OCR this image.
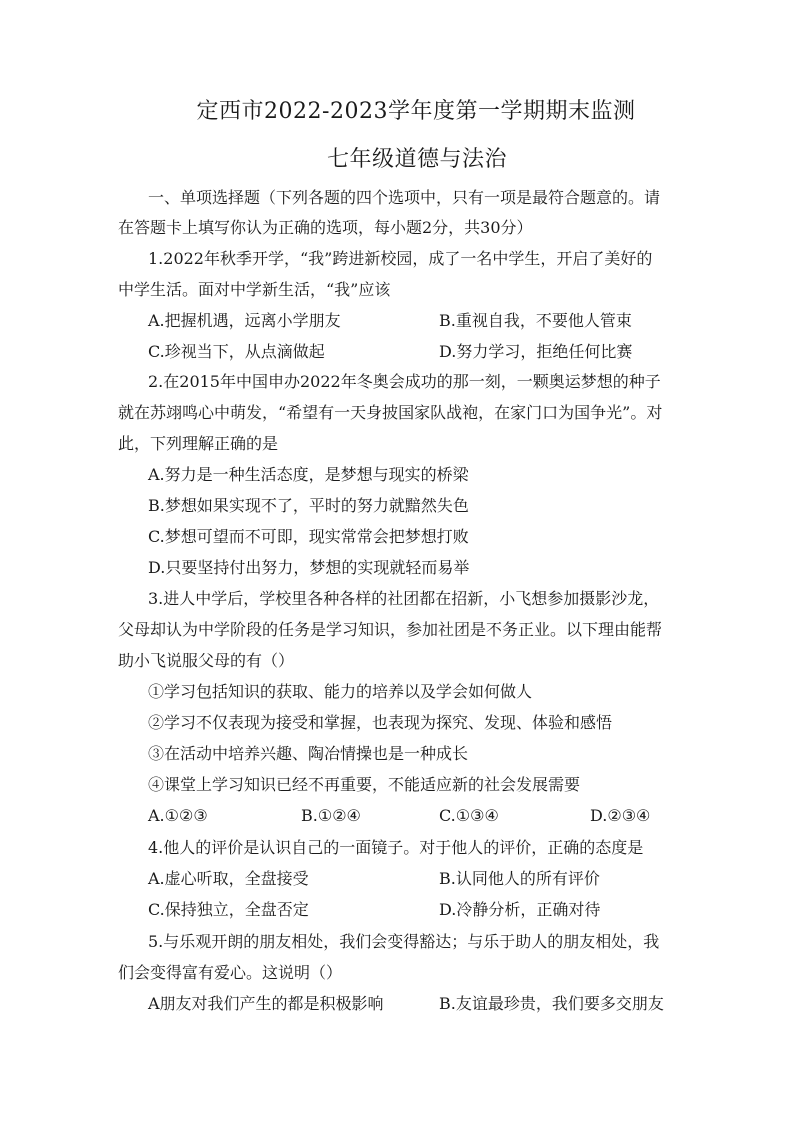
定西市2022-2023学年度第一学期期末监测
七年级道德与法治
一、单项选择题（下列各题的四个选项中，只有一项是最符合题意的。请
在答题卡上填写你认为正确的选项，每小题2分，共30分）
1.2022年秋季开学，“我”跨进新校园，成了一名中学生，开启了美好的
中学生活。面对中学新生活，“我”应该
A.把握机遇，远离小学朋友	B.重视自我，不要他人管束
C.珍视当下，从点滴做起	D.努力学习，拒绝任何比赛
2.在2015年中国申办2022年冬奥会成功的那一刻，一颗奥运梦想的种子
就在苏翊鸣心中萌发，“希望有一天身披国家队战袍，在家门口为国争光”。对
此，下列理解正确的是
A.努力是一种生活态度，是梦想与现实的桥梁
B.梦想如果实现不了，平时的努力就黯然失色
C.梦想可望而不可即，现实常常会把梦想打败
D.只要坚持付出努力，梦想的实现就轻而易举
3.进人中学后，学校里各种各样的社团都在招新，小飞想参加摄影沙龙，
父母却认为中学阶段的任务是学习知识，参加社团是不务正业。以下理由能帮
助小飞说服父母的有（）
①学习包括知识的获取、能力的培养以及学会如何做人
②学习不仅表现为接受和掌握，也表现为探究、发现、体验和感悟
③在活动中培养兴趣、陶冶情操也是一种成长
④课堂上学习知识已经不再重要，不能适应新的社会发展需要
A.①②③	B.①②④	C.①③④	D.②③④
4.他人的评价是认识自己的一面镜子。对于他人的评价，正确的态度是
A.虚心听取，全盘接受	B.认同他人的所有评价
C.保持独立，全盘否定	D.冷静分析，正确对待
5.与乐观开朗的朋友相处，我们会变得豁达；与乐于助人的朋友相处，我
们会变得富有爱心。这说明（）
A朋友对我们产生的都是积极影响	B.友谊最珍贵，我们要多交朋友
